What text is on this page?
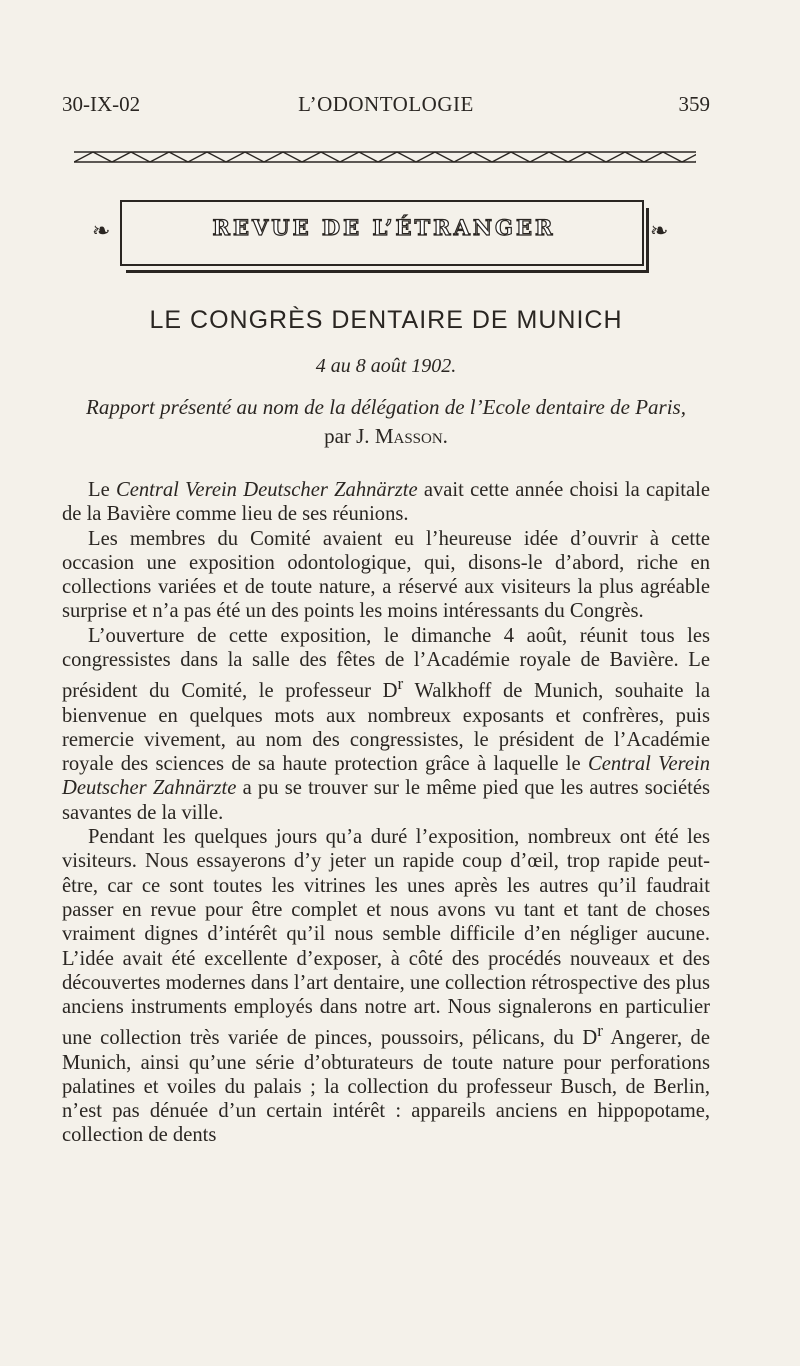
30-IX-02	L’ODONTOLOGIE	359
REVUE DE L’ÉTRANGER
❧	❧
LE CONGRÈS DENTAIRE DE MUNICH
4 au 8 août 1902.
Rapport présenté au nom de la délégation de l’Ecole dentaire de Paris,
par J. Masson.

Le Central Verein Deutscher Zahnärzte avait cette année choisi la capitale de la Bavière comme lieu de ses réunions.

Les membres du Comité avaient eu l’heureuse idée d’ouvrir à cette occasion une exposition odontologique, qui, disons-le d’abord, riche en collections variées et de toute nature, a réservé aux visiteurs la plus agréable surprise et n’a pas été un des points les moins intéressants du Congrès.

L’ouverture de cette exposition, le dimanche 4 août, réunit tous les congressistes dans la salle des fêtes de l’Académie royale de Bavière. Le président du Comité, le professeur $D^r$ Walkhoff de Munich, souhaite la bienvenue en quelques mots aux nombreux exposants et confrères, puis remercie vivement, au nom des congressistes, le président de l’Académie royale des sciences de sa haute protection grâce à laquelle le Central Verein Deutscher Zahnärzte a pu se trouver sur le même pied que les autres sociétés savantes de la ville.

Pendant les quelques jours qu’a duré l’exposition, nombreux ont été les visiteurs. Nous essayerons d’y jeter un rapide coup d’œil, trop rapide peut-être, car ce sont toutes les vitrines les unes après les autres qu’il faudrait passer en revue pour être complet et nous avons vu tant et tant de choses vraiment dignes d’intérêt qu’il nous semble difficile d’en négliger aucune. L’idée avait été excellente d’exposer, à côté des procédés nouveaux et des découvertes modernes dans l’art dentaire, une collection rétrospective des plus anciens instruments employés dans notre art. Nous signalerons en particulier une collection très variée de pinces, poussoirs, pélicans, du $D^r$ Angerer, de Munich, ainsi qu’une série d’obturateurs de toute nature pour perforations palatines et voiles du palais ; la collection du professeur Busch, de Berlin, n’est pas dénuée d’un certain intérêt : appareils anciens en hippopotame, collection de dents
